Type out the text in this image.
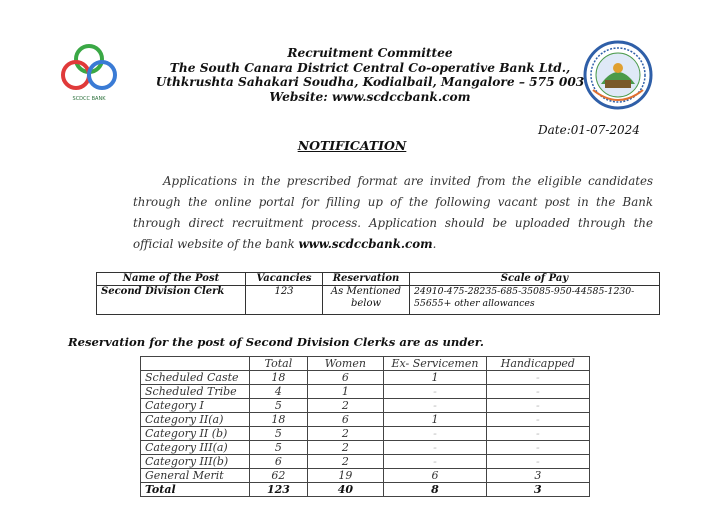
SCDCC BANK
Recruitment Committee
The South Canara District Central Co-operative Bank Ltd.,
Uthkrushta Sahakari Soudha, Kodialbail, Mangalore – 575 003
Website: www.scdccbank.com
Date:01-07-2024
NOTIFICATION
Applications in the prescribed format are invited from the eligible candidates through the online portal for filling up of the following vacant post in the Bank through direct recruitment process. Application should be uploaded through the official website of the bank www.scdccbank.com.
Name of the Post	Vacancies	Reservation	Scale of Pay
Second Division Clerk	123	As Mentioned below	24910-475-28235-685-35085-950-44585-1230-55655+ other allowances
Reservation for the post of Second Division Clerks are as under.
	Total	Women	Ex- Servicemen	Handicapped
Scheduled Caste	18	6	1	-
Scheduled Tribe	4	1	-	-
Category I	5	2	-	-
Category II(a)	18	6	1	-
Category II (b)	5	2	-	-
Category III(a)	5	2	-	-
Category III(b)	6	2	-	-
General Merit	62	19	6	3
Total	123	40	8	3
